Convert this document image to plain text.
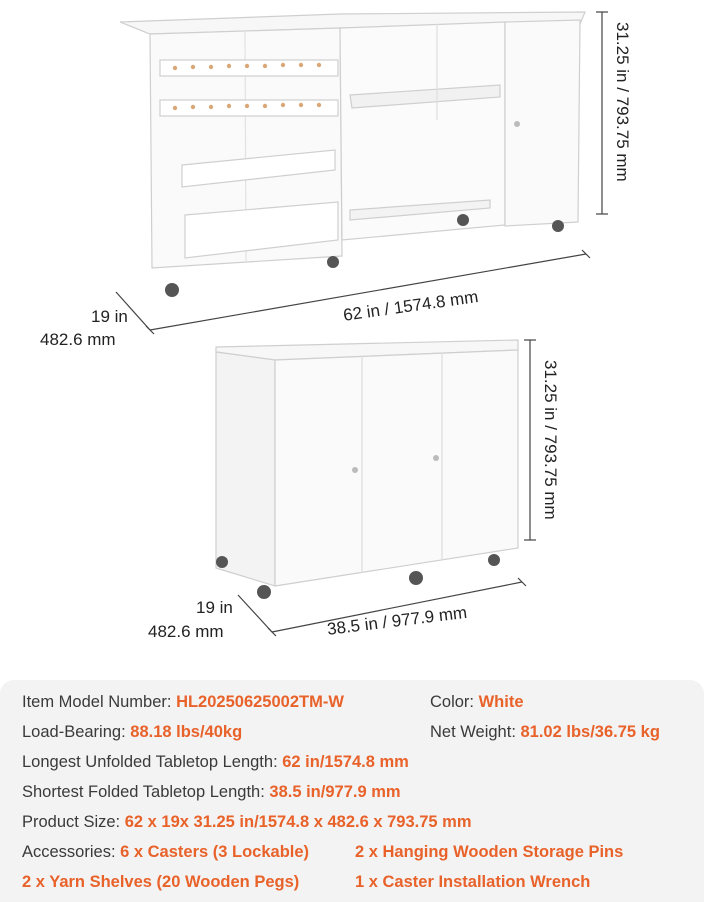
31.25 in / 793.75 mm
19 in
482.6 mm
62 in / 1574.8 mm
31.25 in / 793.75 mm
19 in
482.6 mm	38.5 in / 977.9 mm
Item Model Number: HL20250625002TM-W	Color: White
Load-Bearing: 88.18 lbs/40kg	Net Weight: 81.02 lbs/36.75 kg
Longest Unfolded Tabletop Length: 62 in/1574.8 mm
Shortest Folded Tabletop Length: 38.5 in/977.9 mm
Product Size: 62 x 19x 31.25 in/1574.8 x 482.6 x 793.75 mm
Accessories: 6 x Casters (3 Lockable)	2 x Hanging Wooden Storage Pins
2 x Yarn Shelves (20 Wooden Pegs)	1 x Caster Installation Wrench
